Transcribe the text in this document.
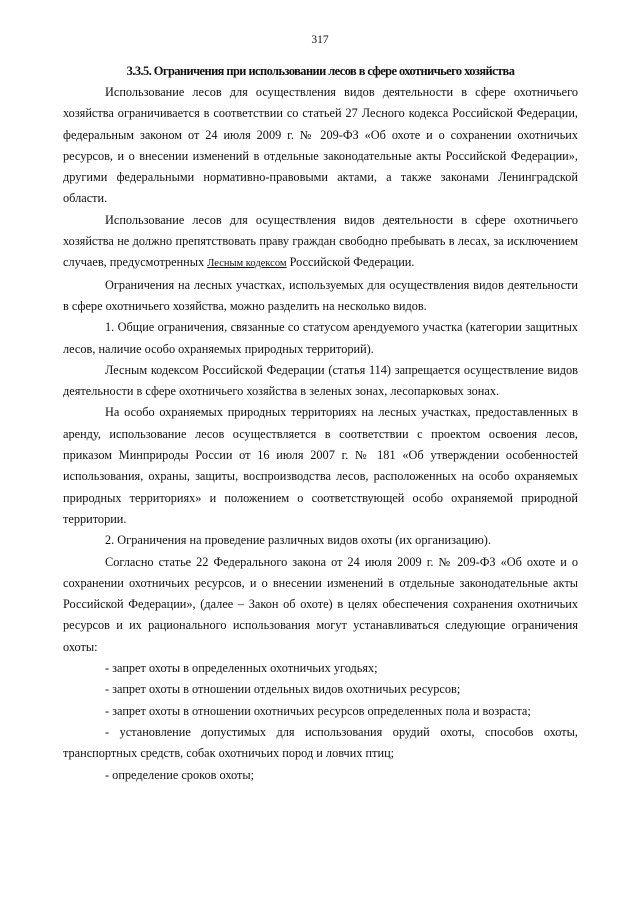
317
3.3.5. Ограничения при использовании лесов в сфере охотничьего хозяйства

Использование лесов для осуществления видов деятельности в сфере охотничьего хозяйства ограничивается в соответствии со статьей 27 Лесного кодекса Российской Федерации, федеральным законом от 24 июля 2009 г. № 209-ФЗ «Об охоте и о сохранении охотничьих ресурсов, и о внесении изменений в отдельные законодательные акты Российской Федерации», другими федеральными нормативно-правовыми актами, а также законами Ленинградской области.

Использование лесов для осуществления видов деятельности в сфере охотничьего хозяйства не должно препятствовать праву граждан свободно пребывать в лесах, за исключением случаев, предусмотренных Лесным кодексом Российской Федерации.

Ограничения на лесных участках, используемых для осуществления видов деятельности в сфере охотничьего хозяйства, можно разделить на несколько видов.

1. Общие ограничения, связанные со статусом арендуемого участка (категории защитных лесов, наличие особо охраняемых природных территорий).

Лесным кодексом Российской Федерации (статья 114) запрещается осуществление видов деятельности в сфере охотничьего хозяйства в зеленых зонах, лесопарковых зонах.

На особо охраняемых природных территориях на лесных участках, предоставленных в аренду, использование лесов осуществляется в соответствии с проектом освоения лесов, приказом Минприроды России от 16 июля 2007 г. № 181 «Об утверждении особенностей использования, охраны, защиты, воспроизводства лесов, расположенных на особо охраняемых природных территориях» и положением о соответствующей особо охраняемой природной территории.

2. Ограничения на проведение различных видов охоты (их организацию).

Согласно статье 22 Федерального закона от 24 июля 2009 г. № 209-ФЗ «Об охоте и о сохранении охотничьих ресурсов, и о внесении изменений в отдельные законодательные акты Российской Федерации», (далее – Закон об охоте) в целях обеспечения сохранения охотничьих ресурсов и их рационального использования могут устанавливаться следующие ограничения охоты:

- запрет охоты в определенных охотничьих угодьях;

- запрет охоты в отношении отдельных видов охотничьих ресурсов;

- запрет охоты в отношении охотничьих ресурсов определенных пола и возраста;

- установление допустимых для использования орудий охоты, способов охоты, транспортных средств, собак охотничьих пород и ловчих птиц;

- определение сроков охоты;
